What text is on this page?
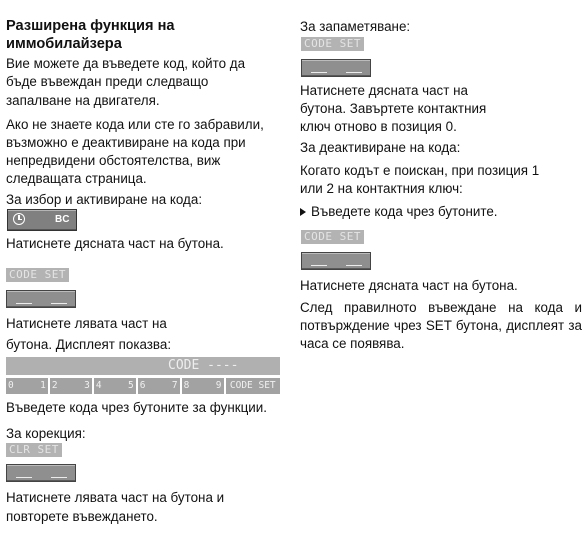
Разширена функция на

иммобилайзера

Вие можете да въведете код, който да

бъде въвеждан преди следващо

запалване на двигателя.

Ако не знаете кода или сте го забравили,

възможно е деактивиране на кода при

непредвидени обстоятелства, виж

следващата страница.

За избор и активиране на кода:

BC

Натиснете дясната част на бутона.

CODE SET

Натиснете лявата част на

бутона. Дисплеят показва:

CODE ----
0	1 2	3 4	5 6	7 8	9 CODE SET

Въведете кода чрез бутоните за функции.

За корекция:

CLR SET

Натиснете лявата част на бутона и

повторете въвеждането.

За запаметяване:

CODE SET

Натиснете дясната част на

бутона. Завъртете контактния

ключ отново в позиция 0.

За деактивиране на кода:

Когато кодът е поискан, при позиция 1

или 2 на контактния ключ:

Въведете кода чрез бутоните.

CODE SET

Натиснете дясната част на бутона.

След правилното въвеждане на кода и потвърждение чрез SET бутона, дисплеят за часа се появява.
